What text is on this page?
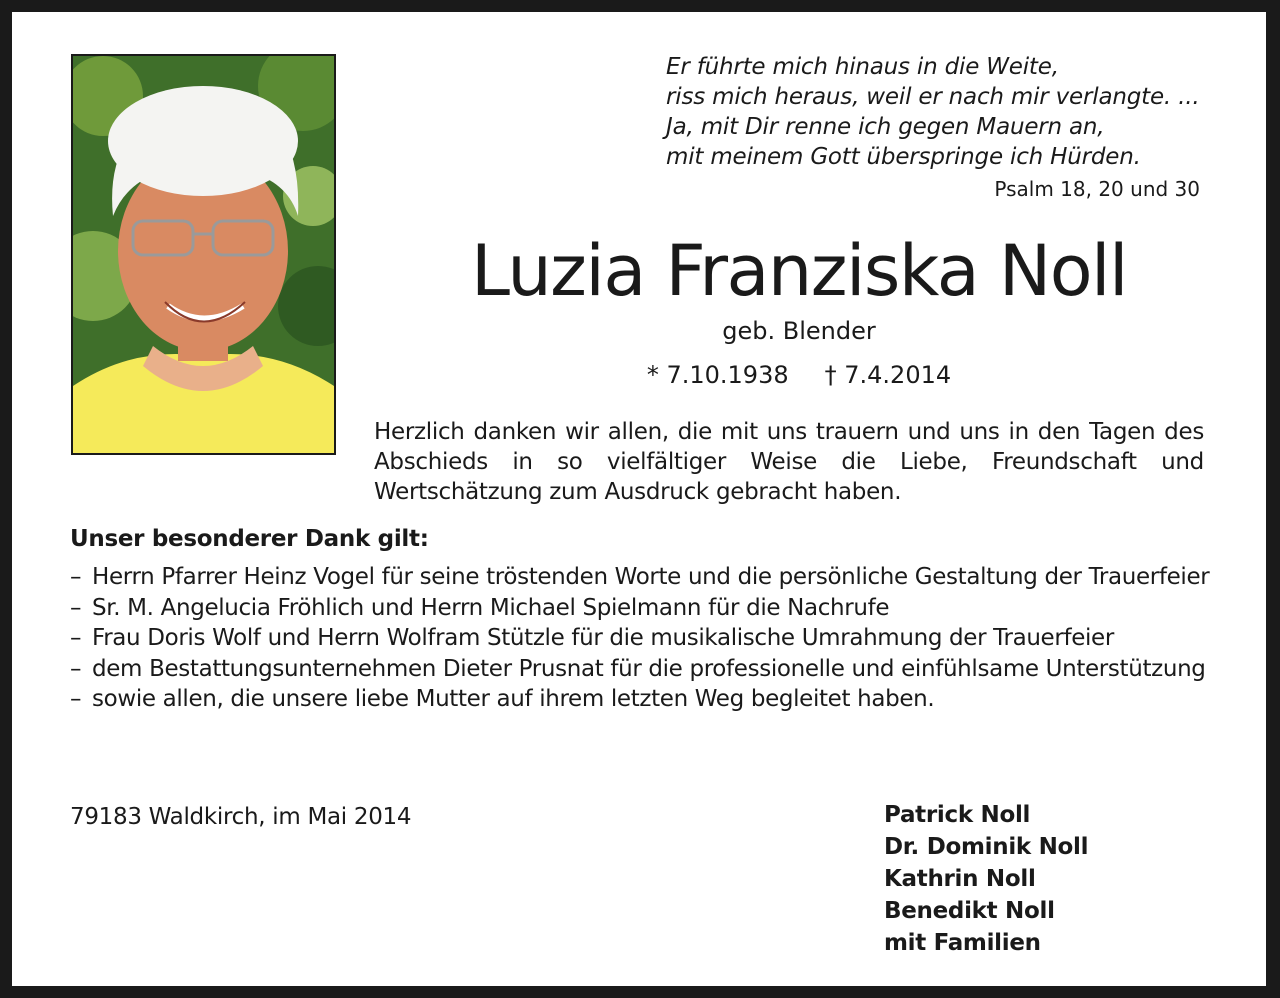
Er führte mich hinaus in die Weite,
riss mich heraus, weil er nach mir verlangte. ...
Ja, mit Dir renne ich gegen Mauern an,
mit meinem Gott überspringe ich Hürden.
Psalm 18, 20 und 30
Luzia Franziska Noll
geb. Blender
* 7.10.1938 † 7.4.2014
Herzlich danken wir allen, die mit uns trauern und uns in den Tagen des Abschieds in so vielfältiger Weise die Liebe, Freundschaft und Wertschätzung zum Ausdruck gebracht haben.
Unser besonderer Dank gilt:
– Herrn Pfarrer Heinz Vogel für seine tröstenden Worte und die persönliche Gestaltung der Trauerfeier
– Sr. M. Angelucia Fröhlich und Herrn Michael Spielmann für die Nachrufe
– Frau Doris Wolf und Herrn Wolfram Stützle für die musikalische Umrahmung der Trauerfeier
– dem Bestattungsunternehmen Dieter Prusnat für die professionelle und einfühlsame Unterstützung
– sowie allen, die unsere liebe Mutter auf ihrem letzten Weg begleitet haben.
79183 Waldkirch, im Mai 2014	Patrick Noll
Dr. Dominik Noll
Kathrin Noll
Benedikt Noll
mit Familien
